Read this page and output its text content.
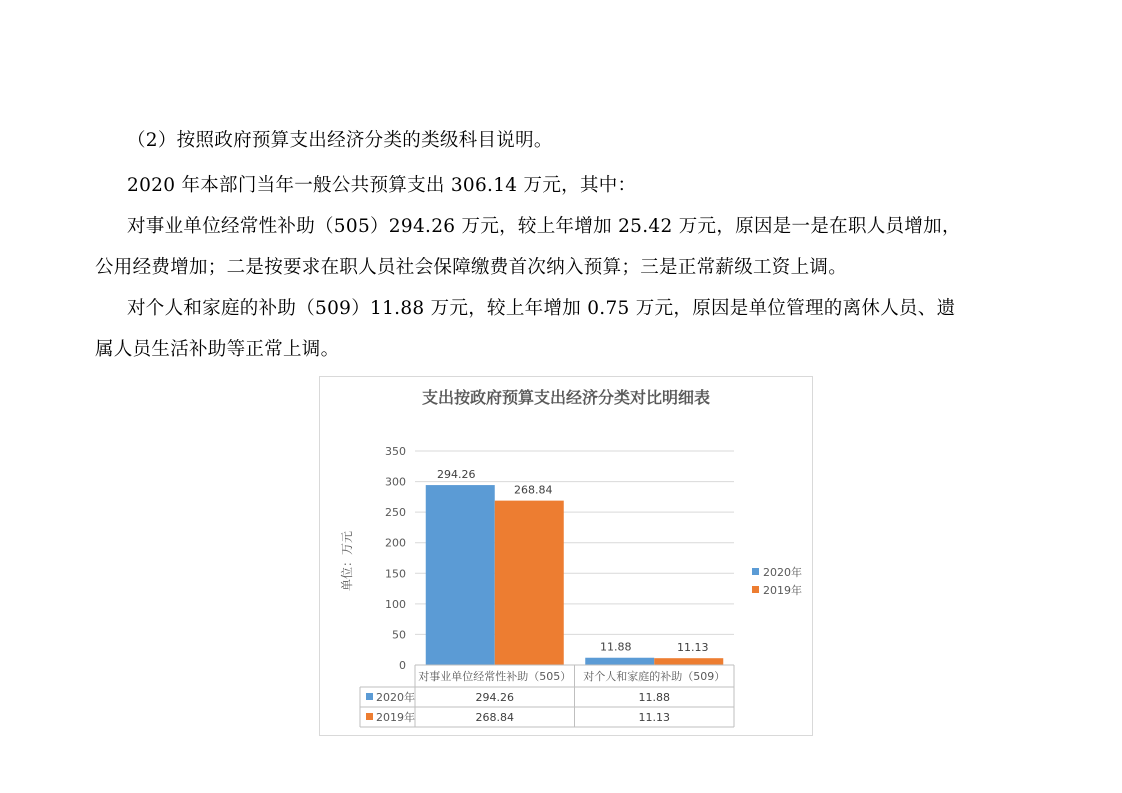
（2）按照政府预算支出经济分类的类级科目说明。
2020 年本部门当年一般公共预算支出 306.14 万元，其中：
对事业单位经常性补助（505）294.26 万元，较上年增加 25.42 万元，原因是一是在职人员增加，
公用经费增加；二是按要求在职人员社会保障缴费首次纳入预算；三是正常薪级工资上调。
对个人和家庭的补助（509）11.88 万元，较上年增加 0.75 万元，原因是单位管理的离休人员、遗
属人员生活补助等正常上调。
支出按政府预算支出经济分类对比明细表
单位：万元
0
50
100
150
200
250
300
350
294.26
268.84
11.88	11.13
对事业单位经常性补助（505） 对个人和家庭的补助（509）
2020年	294.26	11.88
2019年	268.84	11.13
2020年
2019年
